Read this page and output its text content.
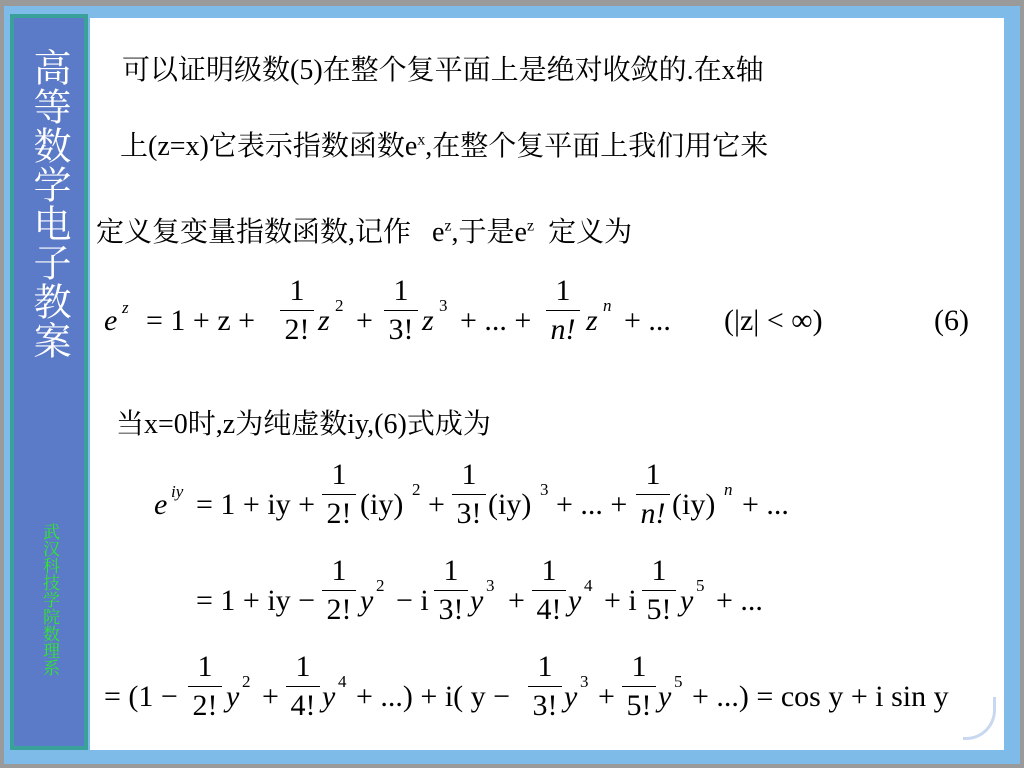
高等数学电子教案
武汉科技学院数理系
可以证明级数(5)在整个复平面上是绝对收敛的.在x轴
上(z=x)它表示指数函数$e^x$,在整个复平面上我们用它来
定义复变量指数函数,记作   $e^z$,于是$e^z$  定义为
e z = 1 + z +
1
2! z 2 +
1
3! z 3 + ... +
1
n! z n + ... (|z| < ∞)	(6)
当x=0时,z为纯虚数iy,(6)式成为
e iy = 1 + iy +
1
2! (iy) 2 +
1
3! (iy) 3 + ... +
1
n! (iy) n + ...
= 1 + iy −
1
2! y 2 − i
1
3! y 3 +
1
4! y 4 + i
1
5! y 5 + ...
= (1 −
1
2! y 2 +
1
4! y 4 + ...) + i( y −
1
3! y 3 +
1
5! y 5 + ...) = cos y + i sin y
